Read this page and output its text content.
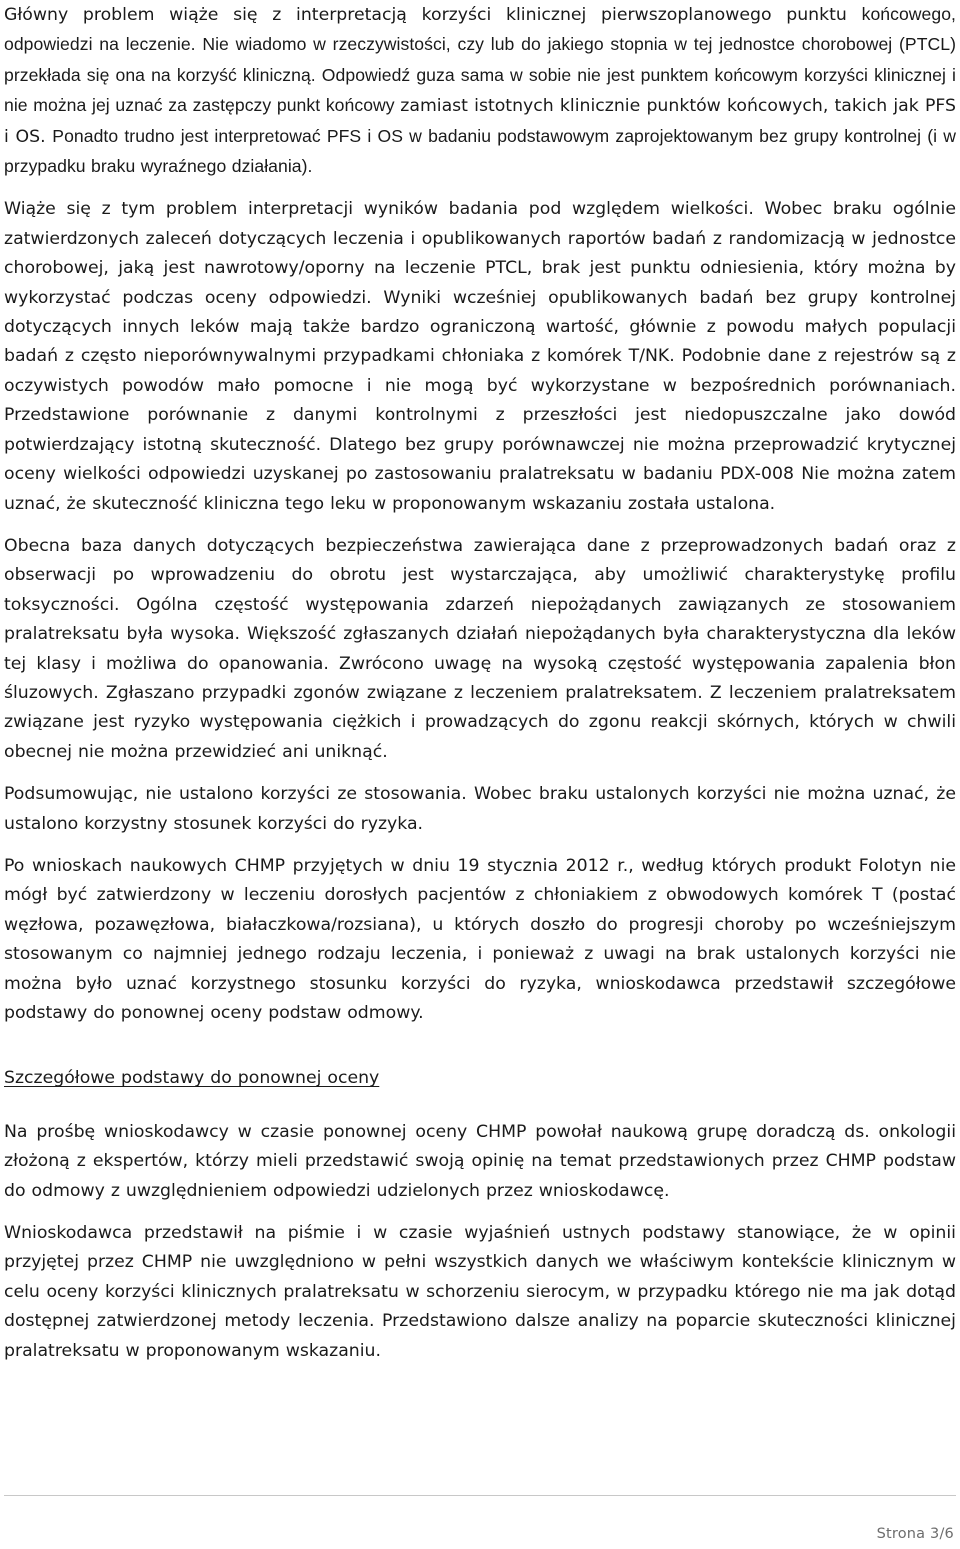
Główny problem wiąże się z interpretacją korzyści klinicznej pierwszoplanowego punktu końcowego, odpowiedzi na leczenie. Nie wiadomo w rzeczywistości, czy lub do jakiego stopnia w tej jednostce chorobowej (PTCL) przekłada się ona na korzyść kliniczną. Odpowiedź guza sama w sobie nie jest punktem końcowym korzyści klinicznej i nie można jej uznać za zastępczy punkt końcowy zamiast istotnych klinicznie punktów końcowych, takich jak PFS i OS. Ponadto trudno jest interpretować PFS i OS w badaniu podstawowym zaprojektowanym bez grupy kontrolnej (i w przypadku braku wyraźnego działania).

Wiąże się z tym problem interpretacji wyników badania pod względem wielkości. Wobec braku ogólnie zatwierdzonych zaleceń dotyczących leczenia i opublikowanych raportów badań z randomizacją w jednostce chorobowej, jaką jest nawrotowy/oporny na leczenie PTCL, brak jest punktu odniesienia, który można by wykorzystać podczas oceny odpowiedzi. Wyniki wcześniej opublikowanych badań bez grupy kontrolnej dotyczących innych leków mają także bardzo ograniczoną wartość, głównie z powodu małych populacji badań z często nieporównywalnymi przypadkami chłoniaka z komórek T/NK. Podobnie dane z rejestrów są z oczywistych powodów mało pomocne i nie mogą być wykorzystane w bezpośrednich porównaniach. Przedstawione porównanie z danymi kontrolnymi z przeszłości jest niedopuszczalne jako dowód potwierdzający istotną skuteczność. Dlatego bez grupy porównawczej nie można przeprowadzić krytycznej oceny wielkości odpowiedzi uzyskanej po zastosowaniu pralatreksatu w badaniu PDX-008 Nie można zatem uznać, że skuteczność kliniczna tego leku w proponowanym wskazaniu została ustalona.

Obecna baza danych dotyczących bezpieczeństwa zawierająca dane z przeprowadzonych badań oraz z obserwacji po wprowadzeniu do obrotu jest wystarczająca, aby umożliwić charakterystykę profilu toksyczności. Ogólna częstość występowania zdarzeń niepożądanych zawiązanych ze stosowaniem pralatreksatu była wysoka. Większość zgłaszanych działań niepożądanych była charakterystyczna dla leków tej klasy i możliwa do opanowania. Zwrócono uwagę na wysoką częstość występowania zapalenia błon śluzowych. Zgłaszano przypadki zgonów związane z leczeniem pralatreksatem. Z leczeniem pralatreksatem związane jest ryzyko występowania ciężkich i prowadzących do zgonu reakcji skórnych, których w chwili obecnej nie można przewidzieć ani uniknąć.

Podsumowując, nie ustalono korzyści ze stosowania. Wobec braku ustalonych korzyści nie można uznać, że ustalono korzystny stosunek korzyści do ryzyka.

Po wnioskach naukowych CHMP przyjętych w dniu 19 stycznia 2012 r., według których produkt Folotyn nie mógł być zatwierdzony w leczeniu dorosłych pacjentów z chłoniakiem z obwodowych komórek T (postać węzłowa, pozawęzłowa, białaczkowa/rozsiana), u których doszło do progresji choroby po wcześniejszym stosowanym co najmniej jednego rodzaju leczenia, i ponieważ z uwagi na brak ustalonych korzyści nie można było uznać korzystnego stosunku korzyści do ryzyka, wnioskodawca przedstawił szczegółowe podstawy do ponownej oceny podstaw odmowy.

Szczegółowe podstawy do ponownej oceny

Na prośbę wnioskodawcy w czasie ponownej oceny CHMP powołał naukową grupę doradczą ds. onkologii złożoną z ekspertów, którzy mieli przedstawić swoją opinię na temat przedstawionych przez CHMP podstaw do odmowy z uwzględnieniem odpowiedzi udzielonych przez wnioskodawcę.

Wnioskodawca przedstawił na piśmie i w czasie wyjaśnień ustnych podstawy stanowiące, że w opinii przyjętej przez CHMP nie uwzględniono w pełni wszystkich danych we właściwym kontekście klinicznym w celu oceny korzyści klinicznych pralatreksatu w schorzeniu sierocym, w przypadku którego nie ma jak dotąd dostępnej zatwierdzonej metody leczenia. Przedstawiono dalsze analizy na poparcie skuteczności klinicznej pralatreksatu w proponowanym wskazaniu.

Strona 3/6
